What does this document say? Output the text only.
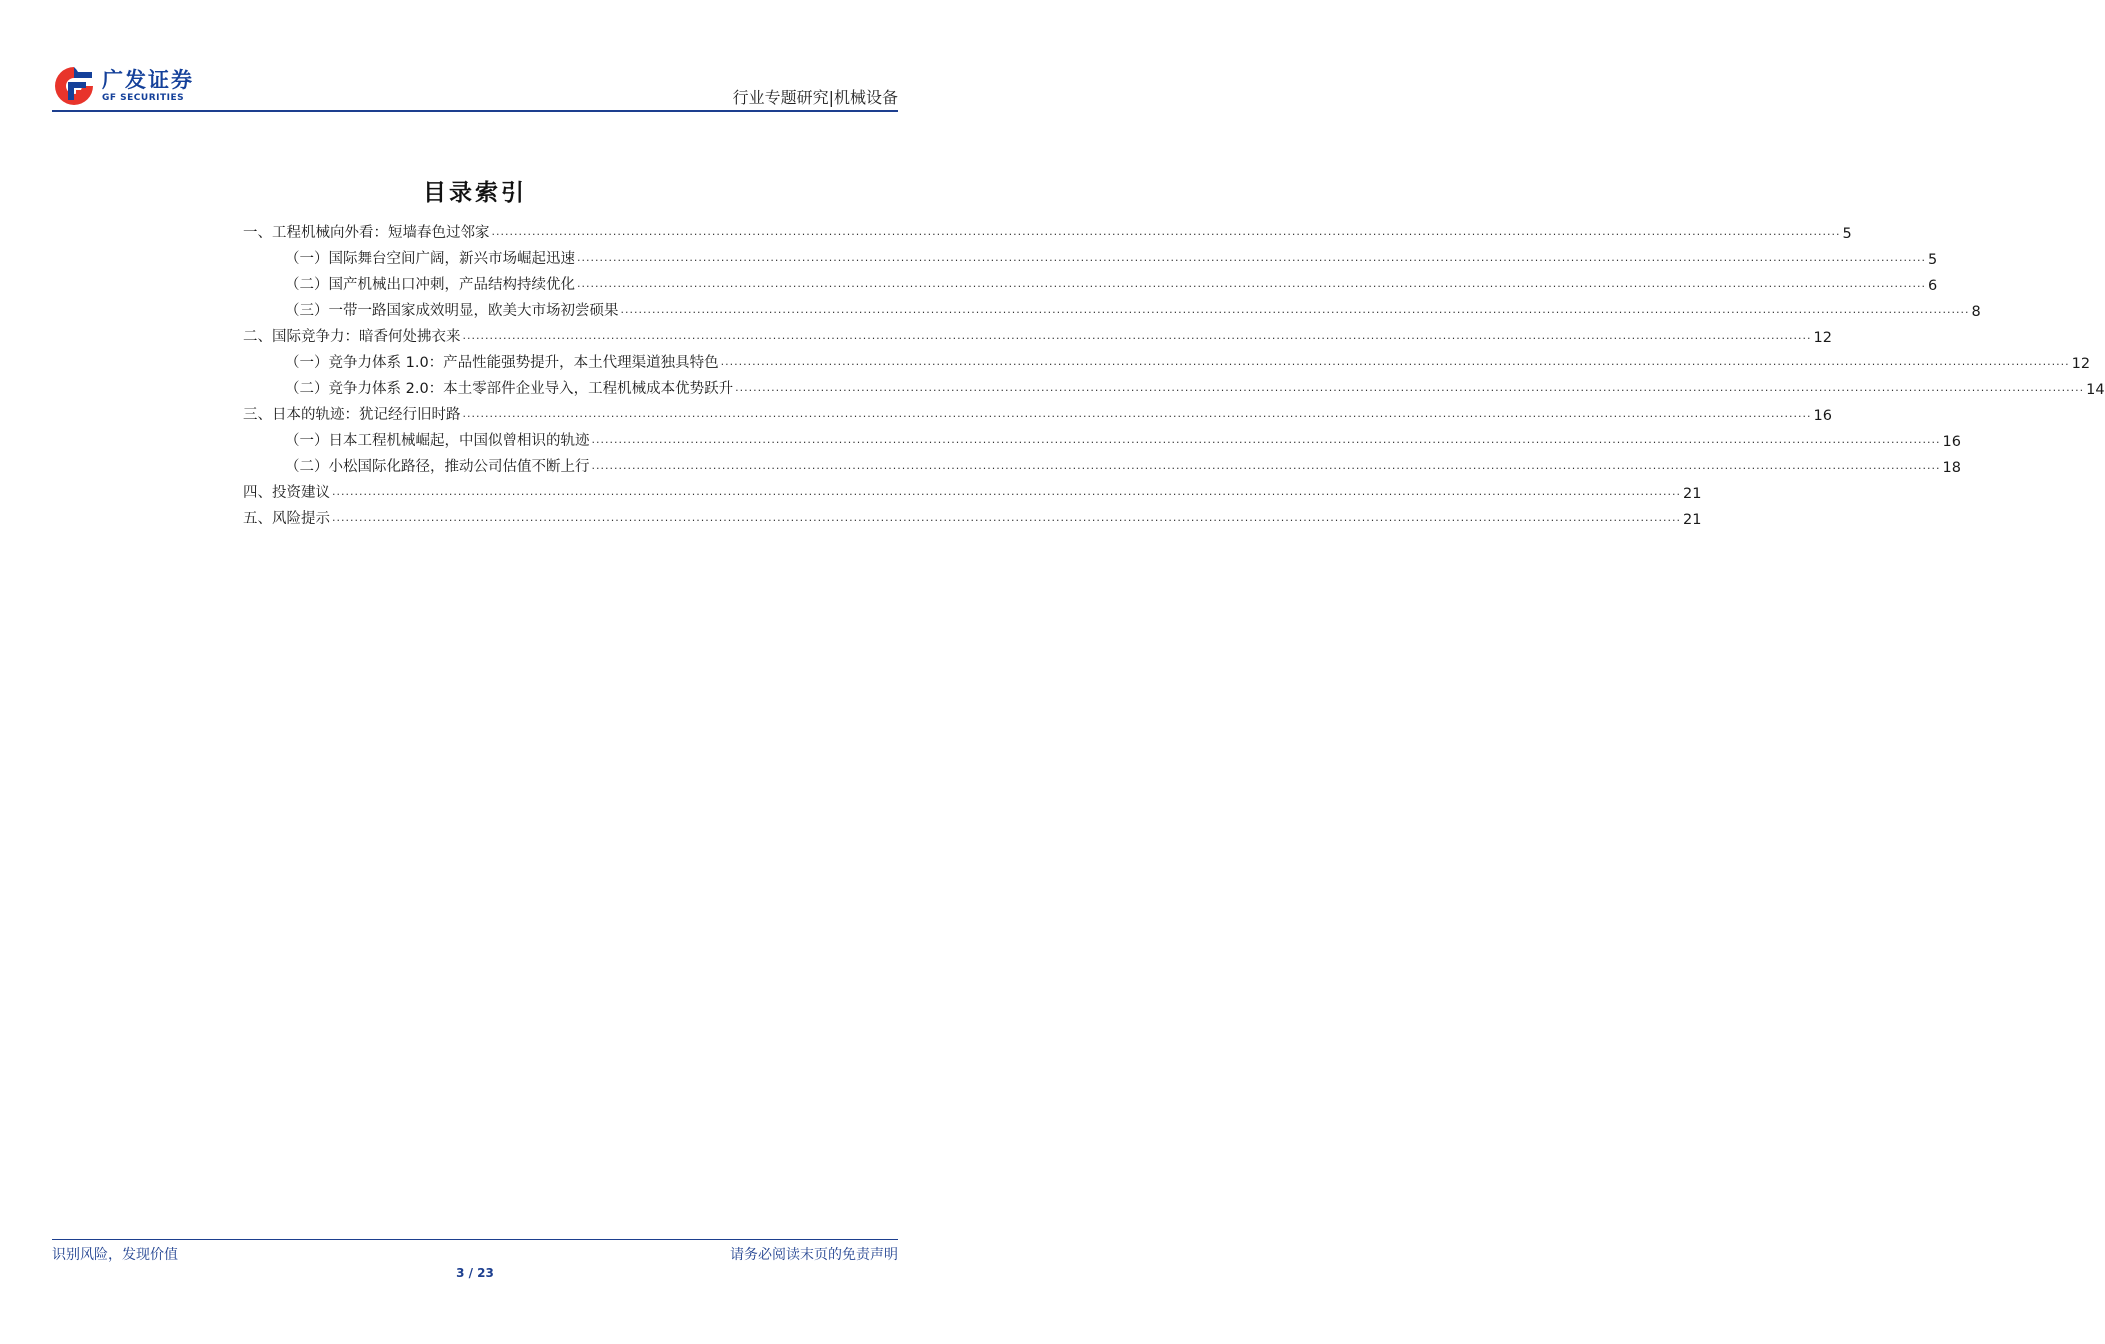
广发证券
GF SECURITIES	行业专题研究|机械设备
目录索引
一、工程机械向外看：短墙春色过邻家 ............................................................................................................................................................................................................................................................................................................ 5
（一）国际舞台空间广阔，新兴市场崛起迅速 ............................................................................................................................................................................................................................................................................................................ 5
（二）国产机械出口冲刺，产品结构持续优化 ............................................................................................................................................................................................................................................................................................................ 6
（三）一带一路国家成效明显，欧美大市场初尝硕果 ............................................................................................................................................................................................................................................................................................................ 8
二、国际竞争力：暗香何处拂衣来 ............................................................................................................................................................................................................................................................................................................ 12
（一）竞争力体系 1.0：产品性能强势提升，本土代理渠道独具特色 ............................................................................................................................................................................................................................................................................................................ 12
（二）竞争力体系 2.0：本土零部件企业导入，工程机械成本优势跃升 ............................................................................................................................................................................................................................................................................................................ 14
三、日本的轨迹：犹记经行旧时路 ............................................................................................................................................................................................................................................................................................................ 16
（一）日本工程机械崛起，中国似曾相识的轨迹 ............................................................................................................................................................................................................................................................................................................ 16
（二）小松国际化路径，推动公司估值不断上行 ............................................................................................................................................................................................................................................................................................................ 18
四、投资建议 ............................................................................................................................................................................................................................................................................................................ 21
五、风险提示 ............................................................................................................................................................................................................................................................................................................ 21
识别风险，发现价值	请务必阅读末页的免责声明
3 / 23
